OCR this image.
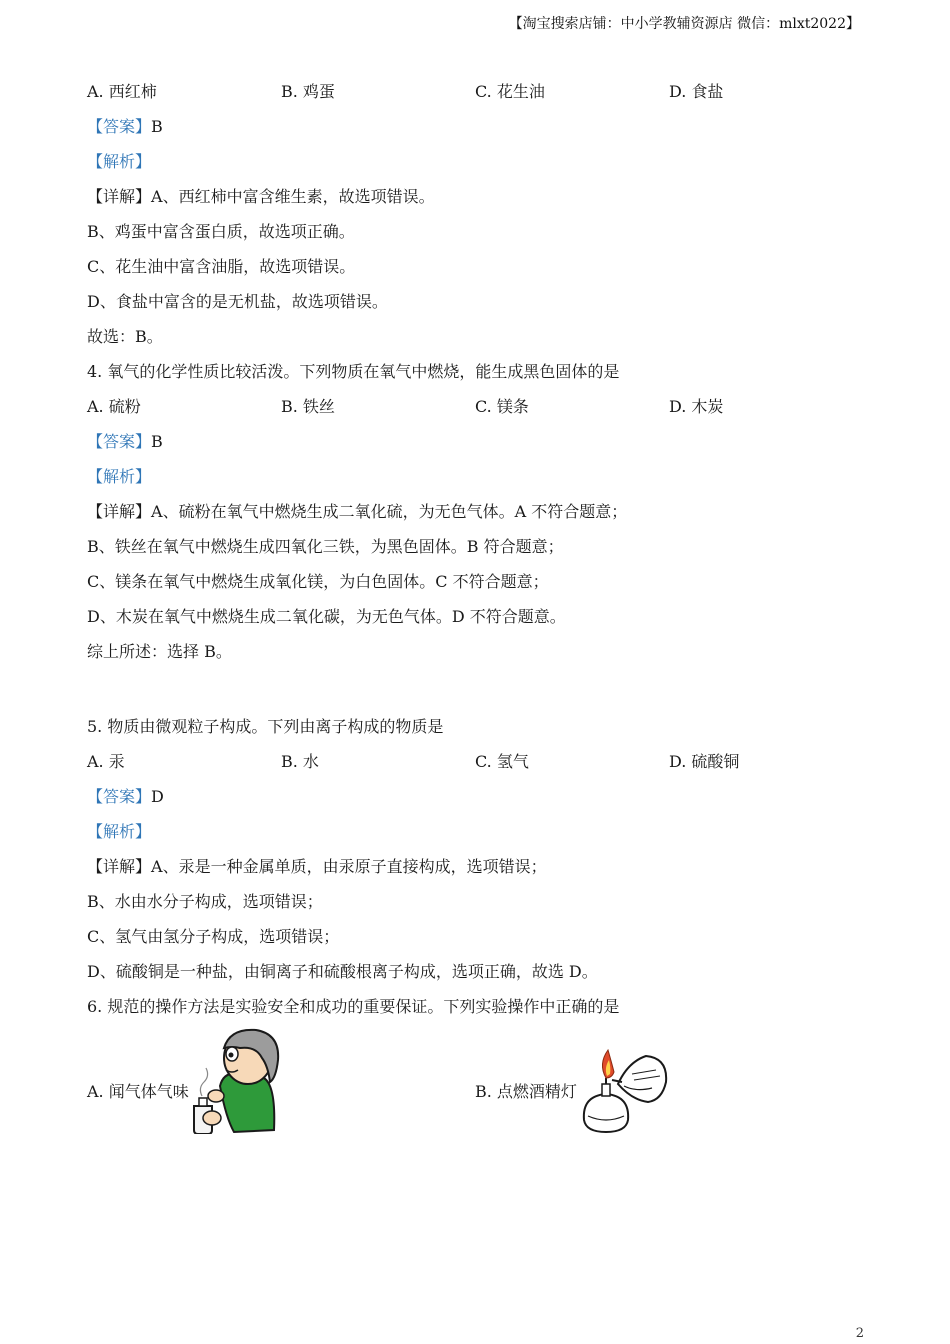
【淘宝搜索店铺：中小学教辅资源店 微信：mlxt2022】
A. 西红柿	B. 鸡蛋	C. 花生油	D. 食盐
【答案】B
【解析】
【详解】A、西红柿中富含维生素，故选项错误。
B、鸡蛋中富含蛋白质，故选项正确。
C、花生油中富含油脂，故选项错误。
D、食盐中富含的是无机盐，故选项错误。
故选：B。
4. 氧气的化学性质比较活泼。下列物质在氧气中燃烧，能生成黑色固体的是
A. 硫粉	B. 铁丝	C. 镁条	D. 木炭
【答案】B
【解析】
【详解】A、硫粉在氧气中燃烧生成二氧化硫，为无色气体。A 不符合题意；
B、铁丝在氧气中燃烧生成四氧化三铁，为黑色固体。B 符合题意；
C、镁条在氧气中燃烧生成氧化镁，为白色固体。C 不符合题意；
D、木炭在氧气中燃烧生成二氧化碳，为无色气体。D 不符合题意。
综上所述：选择 B。
5. 物质由微观粒子构成。下列由离子构成的物质是
A. 汞	B. 水	C. 氢气	D. 硫酸铜
【答案】D
【解析】
【详解】A、汞是一种金属单质，由汞原子直接构成，选项错误；
B、水由水分子构成，选项错误；
C、氢气由氢分子构成，选项错误；
D、硫酸铜是一种盐，由铜离子和硫酸根离子构成，选项正确，故选 D。
6. 规范的操作方法是实验安全和成功的重要保证。下列实验操作中正确的是
A. 闻气体气味	B. 点燃酒精灯
2
